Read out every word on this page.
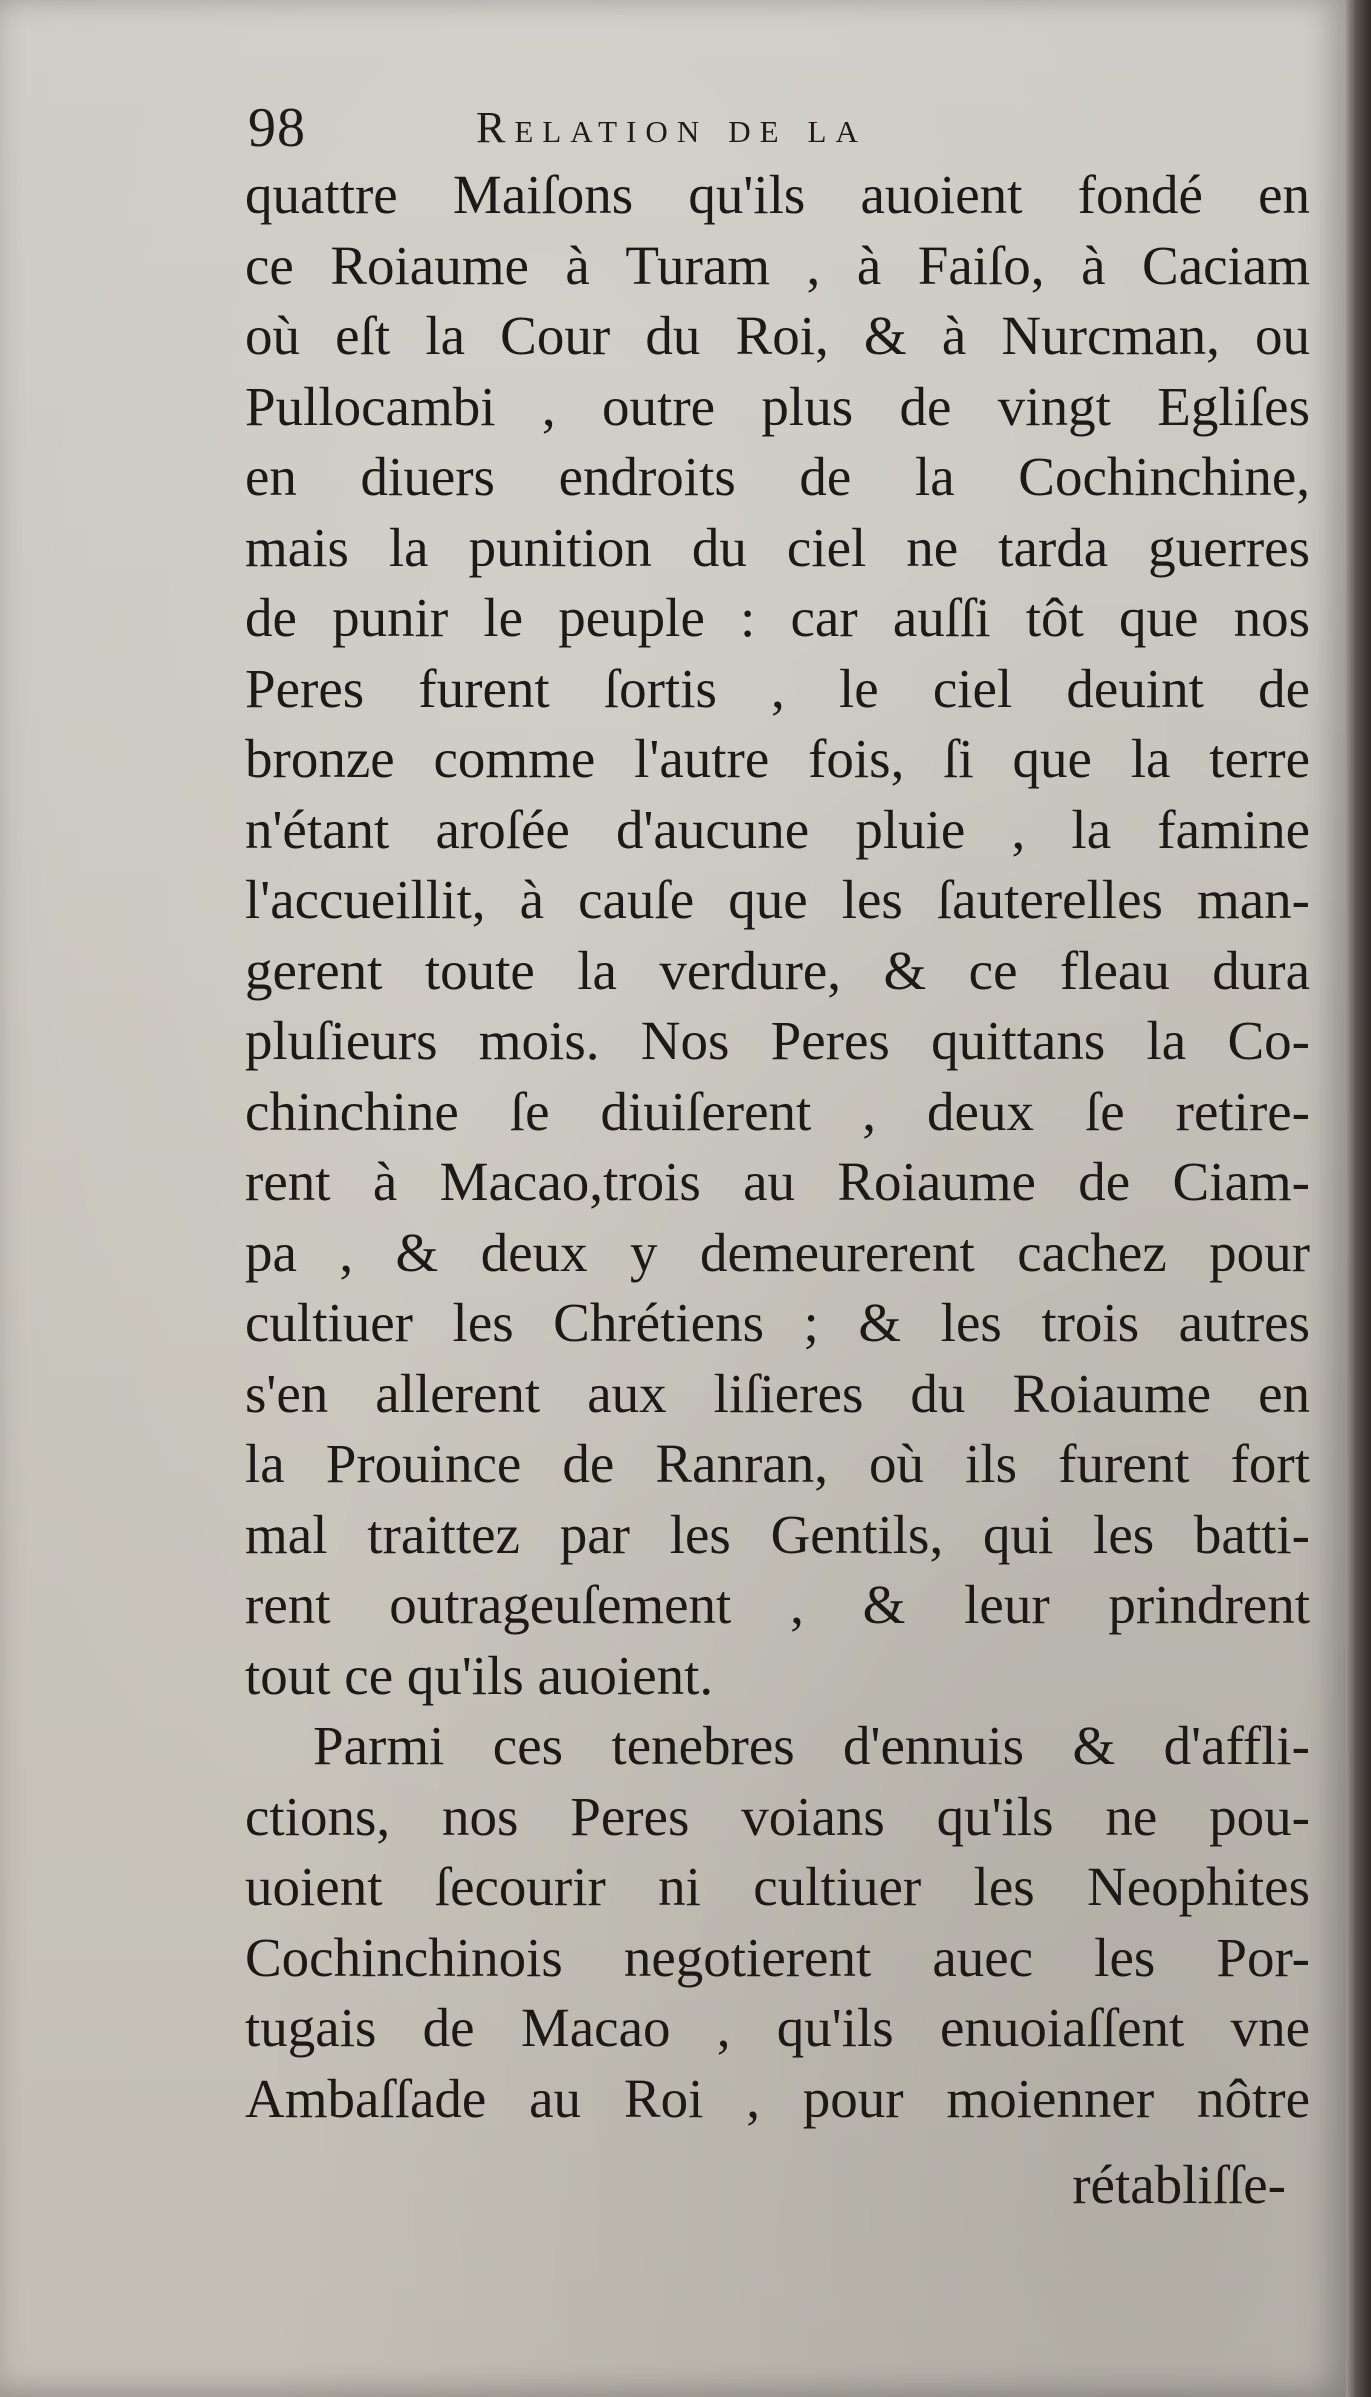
98	Relation de la
quattre Maiſons qu'ils auoient fondé en
ce Roiaume à Turam , à Faiſo, à Caciam
où eſt la Cour du Roi, & à Nurcman, ou
Pullocambi , outre plus de vingt Egliſes
en diuers endroits de la Cochinchine,
mais la punition du ciel ne tarda guerres
de punir le peuple : car auſſi tôt que nos
Peres furent ſortis , le ciel deuint de
bronze comme l'autre fois, ſi que la terre
n'étant aroſée d'aucune pluie , la famine
l'accueillit, à cauſe que les ſauterelles man-
gerent toute la verdure, & ce fleau dura
pluſieurs mois. Nos Peres quittans la Co-
chinchine ſe diuiſerent , deux ſe retire-
rent à Macao,trois au Roiaume de Ciam-
pa , & deux y demeurerent cachez pour
cultiuer les Chrétiens ; & les trois autres
s'en allerent aux liſieres du Roiaume en
la Prouince de Ranran, où ils furent fort
mal traittez par les Gentils, qui les batti-
rent outrageuſement , & leur prindrent
tout ce qu'ils auoient.
Parmi ces tenebres d'ennuis & d'affli-
ctions, nos Peres voians qu'ils ne pou-
uoient ſecourir ni cultiuer les Neophites
Cochinchinois negotierent auec les Por-
tugais de Macao , qu'ils enuoiaſſent vne
Ambaſſade au Roi , pour moienner nôtre
rétabliſſe-
